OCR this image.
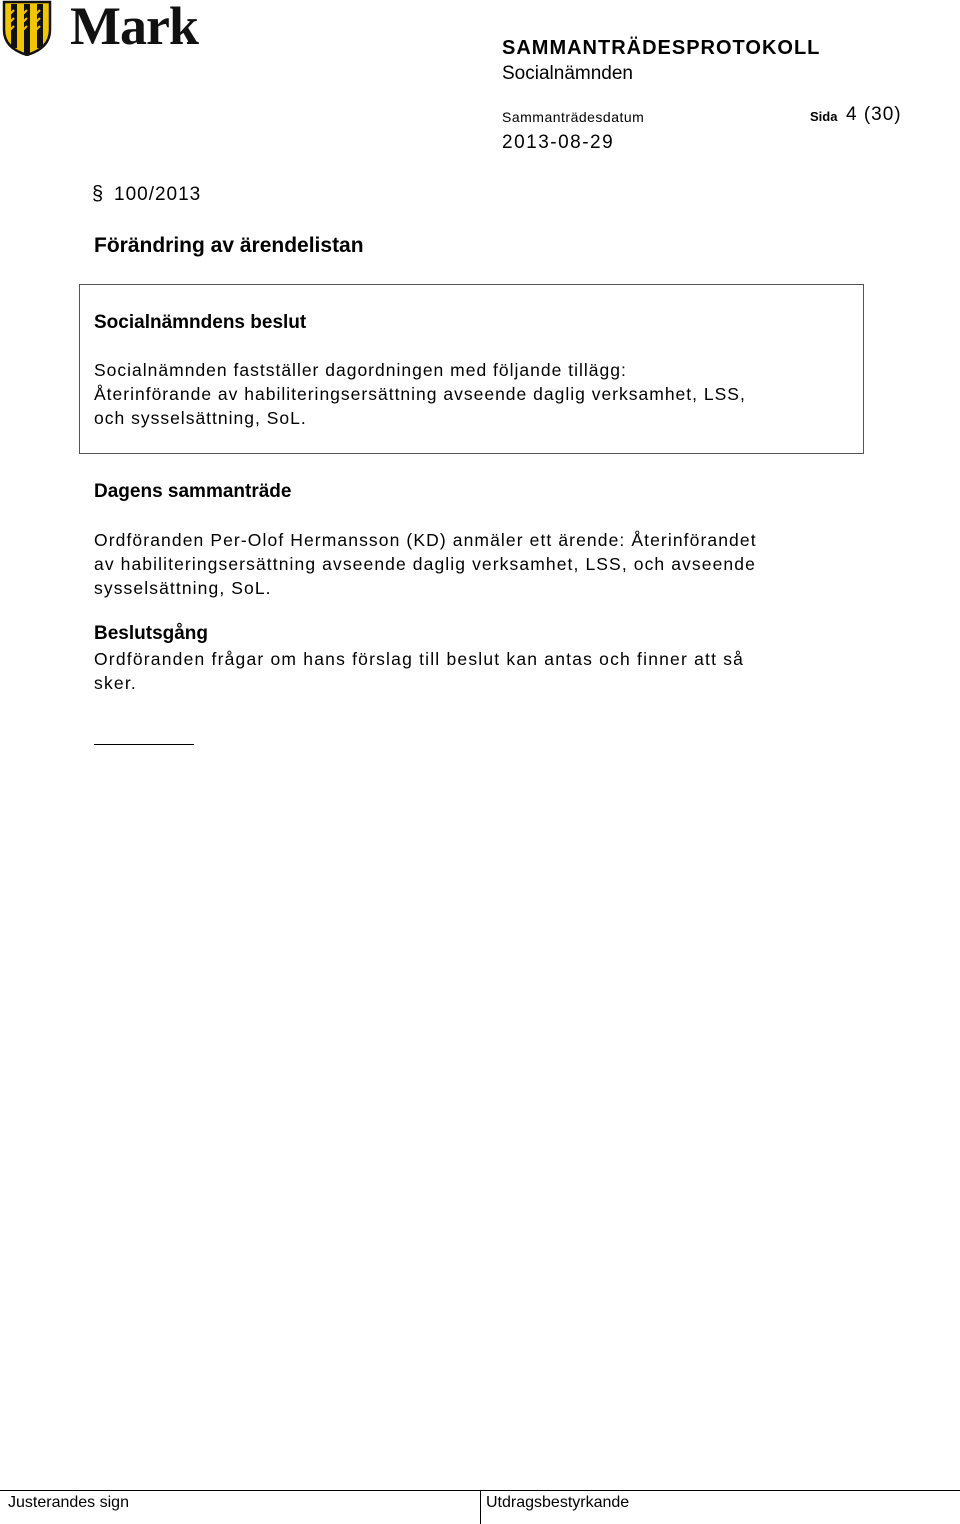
Mark	SAMMANTRÄDESPROTOKOLL
Socialnämnden
Sammanträdesdatum	Sida 4 (30)
2013-08-29
§ 100/2013
Förändring av ärendelistan
Socialnämndens beslut
Socialnämnden fastställer dagordningen med följande tillägg:
Återinförande av habiliteringsersättning avseende daglig verksamhet, LSS,
och sysselsättning, SoL.
Dagens sammanträde
Ordföranden Per-Olof Hermansson (KD) anmäler ett ärende: Återinförandet
av habiliteringsersättning avseende daglig verksamhet, LSS, och avseende
sysselsättning, SoL.
Beslutsgång
Ordföranden frågar om hans förslag till beslut kan antas och finner att så
sker.
Justerandes sign	Utdragsbestyrkande
